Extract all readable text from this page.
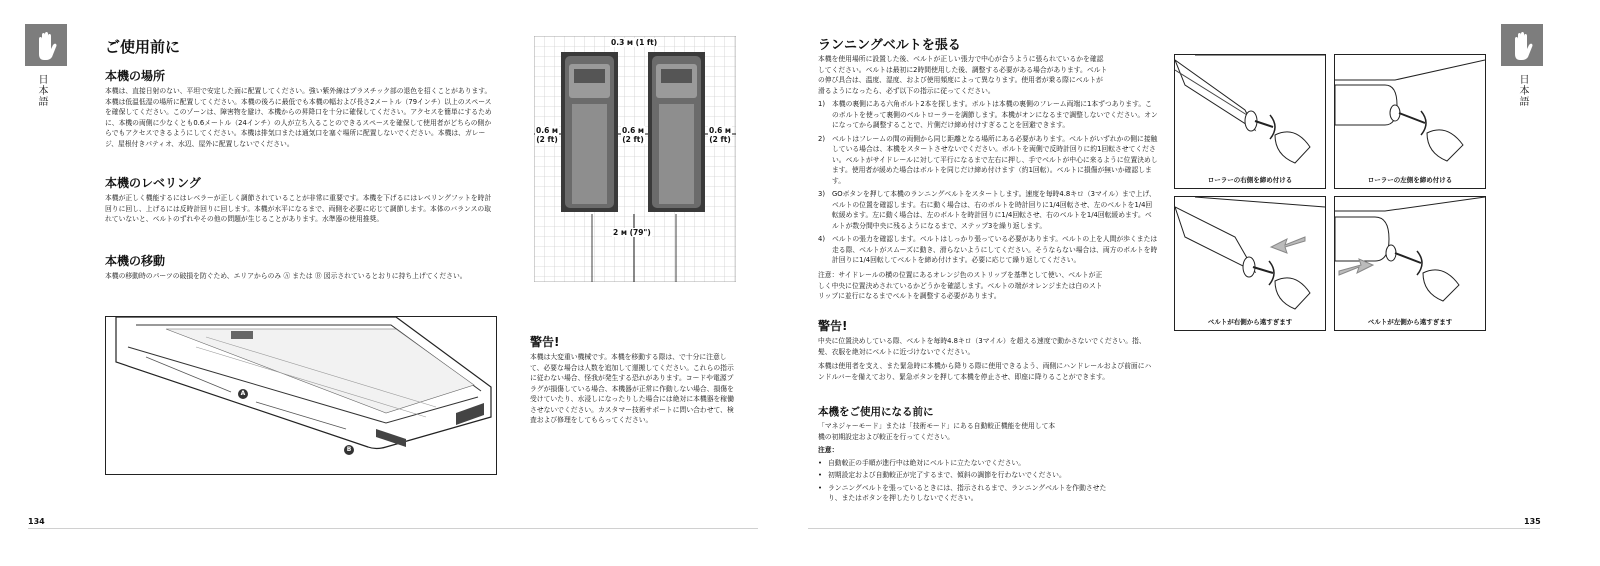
日本語
ご使用前に
本機の場所
本機は、直接日射のない、平坦で安定した面に配置してください。強い紫外線はプラスチック部の退色を招くことがあります。本機は低温低湿の場所に配置してください。本機の後ろに最低でも本機の幅および長さ2メートル（79インチ）以上のスペースを確保してください。このゾーンは、障害物を避け、本機からの昇降口を十分に確保してください。アクセスを簡単にするために、本機の両側に少なくとも0.6メートル（24インチ）の人が立ち入ることのできるスペースを確保して使用者がどちらの側からでもアクセスできるようにしてください。本機は排気口または通気口を塞ぐ場所に配置しないでください。本機は、ガレージ、屋根付きパティオ、水辺、屋外に配置しないでください。
本機のレベリング
本機が正しく機能するにはレベラーが正しく調節されていることが非常に重要です。本機を下げるにはレベリングフットを時計回りに回し、上げるには反時計回りに回します。本機が水平になるまで、両側を必要に応じて調節します。本体のバランスの取れていないと、ベルトのずれやその他の問題が生じることがあります。水準器の使用推奨。
本機の移動
本機の移動時のパーツの破損を防ぐため、エリアからのみ Ⓐ または Ⓑ 図示されているとおりに持ち上げてください。
0.3 м (1 ft)
0.6 м
(2 ft)
0.6 м
(2 ft)
0.6 м
(2 ft)
2 м (79")
A
B
警告!
本機は大変重い機械です。本機を移動する際は、で十分に注意して、必要な場合は人数を追加して運搬してください。これらの指示に従わない場合、怪我が発生する恐れがあります。コードや電源プラグが損傷している場合、本機器が正常に作動しない場合、損傷を受けていたり、水浸しになったりした場合には絶対に本機器を稼働させないでください。カスタマー技術サポートに問い合わせて、検査および修理をしてもらってください。
134
日本語
ランニングベルトを張る
本機を使用場所に設置した後、ベルトが正しい張力で中心が合うように張られているかを確認してください。ベルトは最初に2時間使用した後、調整する必要がある場合があります。ベルトの伸び具合は、温度、湿度、および使用頻度によって異なります。使用者が乗る際にベルトが滑るようになったら、必ず以下の指示に従ってください。
1)	本機の裏側にある六角ボルト2本を探します。ボルトは本機の裏側のフレーム両端に1本ずつあります。このボルトを使って裏側のベルトローラーを調節します。本機がオンになるまで調整しないでください。オンになってから調整することで、片側だけ締め付けすぎることを回避できます。
2)	ベルトはフレームの間の両側から同じ距離となる場所にある必要があります。ベルトがいずれかの側に接触している場合は、本機をスタートさせないでください。ボルトを両側で反時計回りに約1回転させてください。ベルトがサイドレールに対して平行になるまで左右に押し、手でベルトが中心に来るように位置決めします。使用者が緩めた場合はボルトを同じだけ締め付けます（約1回転）。ベルトに損傷が無いか確認します。
3)	GOボタンを押して本機のランニングベルトをスタートします。速度を毎時4.8キロ（3マイル）まで上げ、ベルトの位置を確認します。右に動く場合は、右のボルトを時計回りに1/4回転させ、左のベルトを1/4回転緩めます。左に動く場合は、左のボルトを時計回りに1/4回転させ、右のベルトを1/4回転緩めます。ベルトが数分間中央に残るようになるまで、ステップ3を繰り返します。
4)	ベルトの張力を確認します。ベルトはしっかり張っている必要があります。ベルトの上を人間が歩くまたは走る際、ベルトがスムーズに動き、滑らないようにしてください。そうならない場合は、両方のボルトを時計回りに1/4回転してベルトを締め付けます。必要に応じて繰り返してください。
注意：サイドレールの横の位置にあるオレンジ色のストリップを基準として使い、ベルトが正しく中央に位置決めされているかどうかを確認します。ベルトの端がオレンジまたは白のストリップに並行になるまでベルトを調整する必要があります。
警告!
中央に位置決めしている際、ベルトを毎時4.8キロ（3マイル）を超える速度で動かさないでください。指、髪、衣服を絶対にベルトに近づけないでください。
本機は使用者を支え、また緊急時に本機から降りる際に使用できるよう、両側にハンドレールおよび前面にハンドルバーを備えており、緊急ボタンを押して本機を停止させ、即座に降りることができます。
本機をご使用になる前に
「マネジャーモード」または「技術モード」にある自動較正機能を使用して本機の初期設定および較正を行ってください。
注意：
• 自動較正の手順が進行中は絶対にベルトに立たないでください。
• 初期設定および自動較正が完了するまで、傾斜の調節を行わないでください。
• ランニングベルトを張っているときには、指示されるまで、ランニングベルトを作動させたり、またはボタンを押したりしないでください。
ローラーの右側を締め付ける	ローラーの左側を締め付ける
ベルトが右側から遠すぎます	ベルトが左側から遠すぎます
135
